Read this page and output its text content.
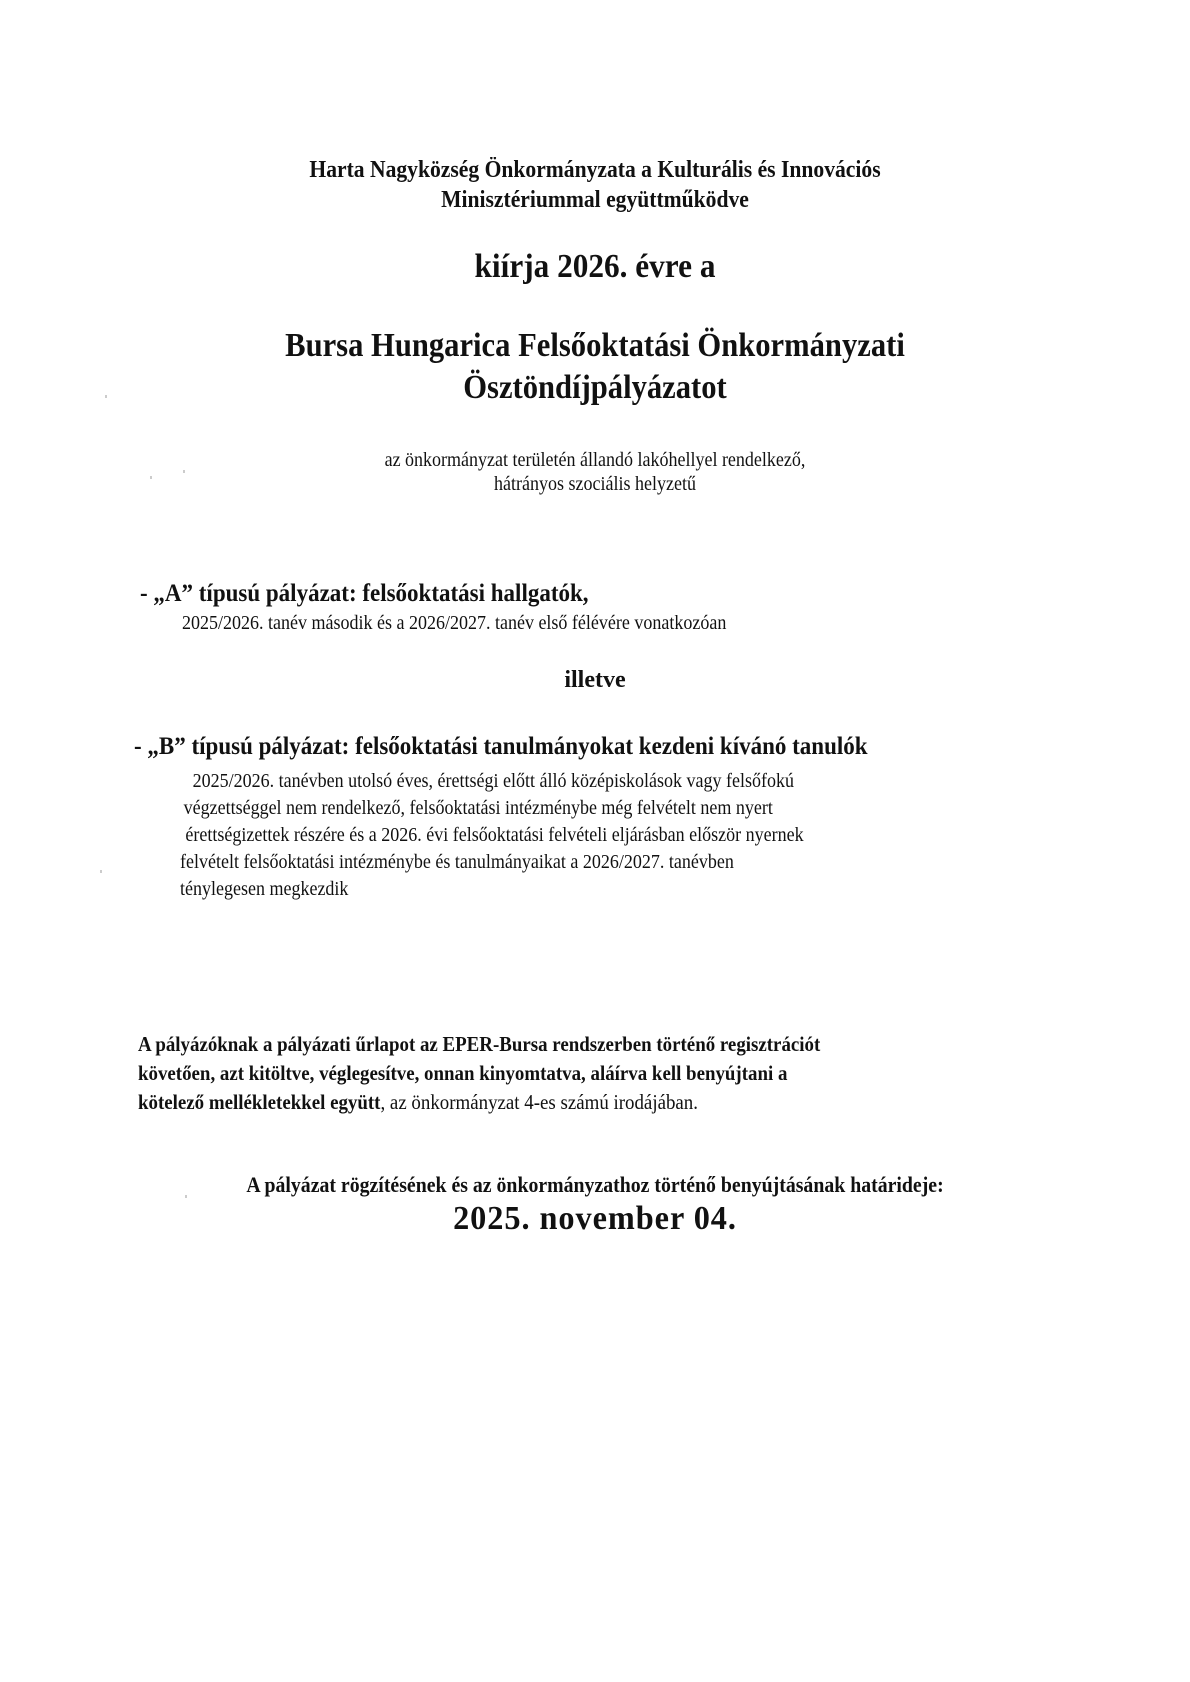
Harta Nagyközség Önkormányzata a Kulturális és Innovációs
Minisztériummal együttműködve
kiírja 2026. évre a
Bursa Hungarica Felsőoktatási Önkormányzati
Ösztöndíjpályázatot
az önkormányzat területén állandó lakóhellyel rendelkező,
hátrányos szociális helyzetű
- „A” típusú pályázat: felsőoktatási hallgatók,
2025/2026. tanév második és a 2026/2027. tanév első félévére vonatkozóan
illetve
- „B” típusú pályázat: felsőoktatási tanulmányokat kezdeni kívánó tanulók
2025/2026. tanévben utolsó éves, érettségi előtt álló középiskolások vagy felsőfokú
végzettséggel nem rendelkező, felsőoktatási intézménybe még felvételt nem nyert
érettségizettek részére és a 2026. évi felsőoktatási felvételi eljárásban először nyernek
felvételt felsőoktatási intézménybe és tanulmányaikat a 2026/2027. tanévben
ténylegesen megkezdik
A pályázóknak a pályázati űrlapot az EPER-Bursa rendszerben történő regisztrációt
követően, azt kitöltve, véglegesítve, onnan kinyomtatva, aláírva kell benyújtani a
kötelező mellékletekkel együtt, az önkormányzat 4-es számú irodájában.
A pályázat rögzítésének és az önkormányzathoz történő benyújtásának határideje:
2025. november 04.
